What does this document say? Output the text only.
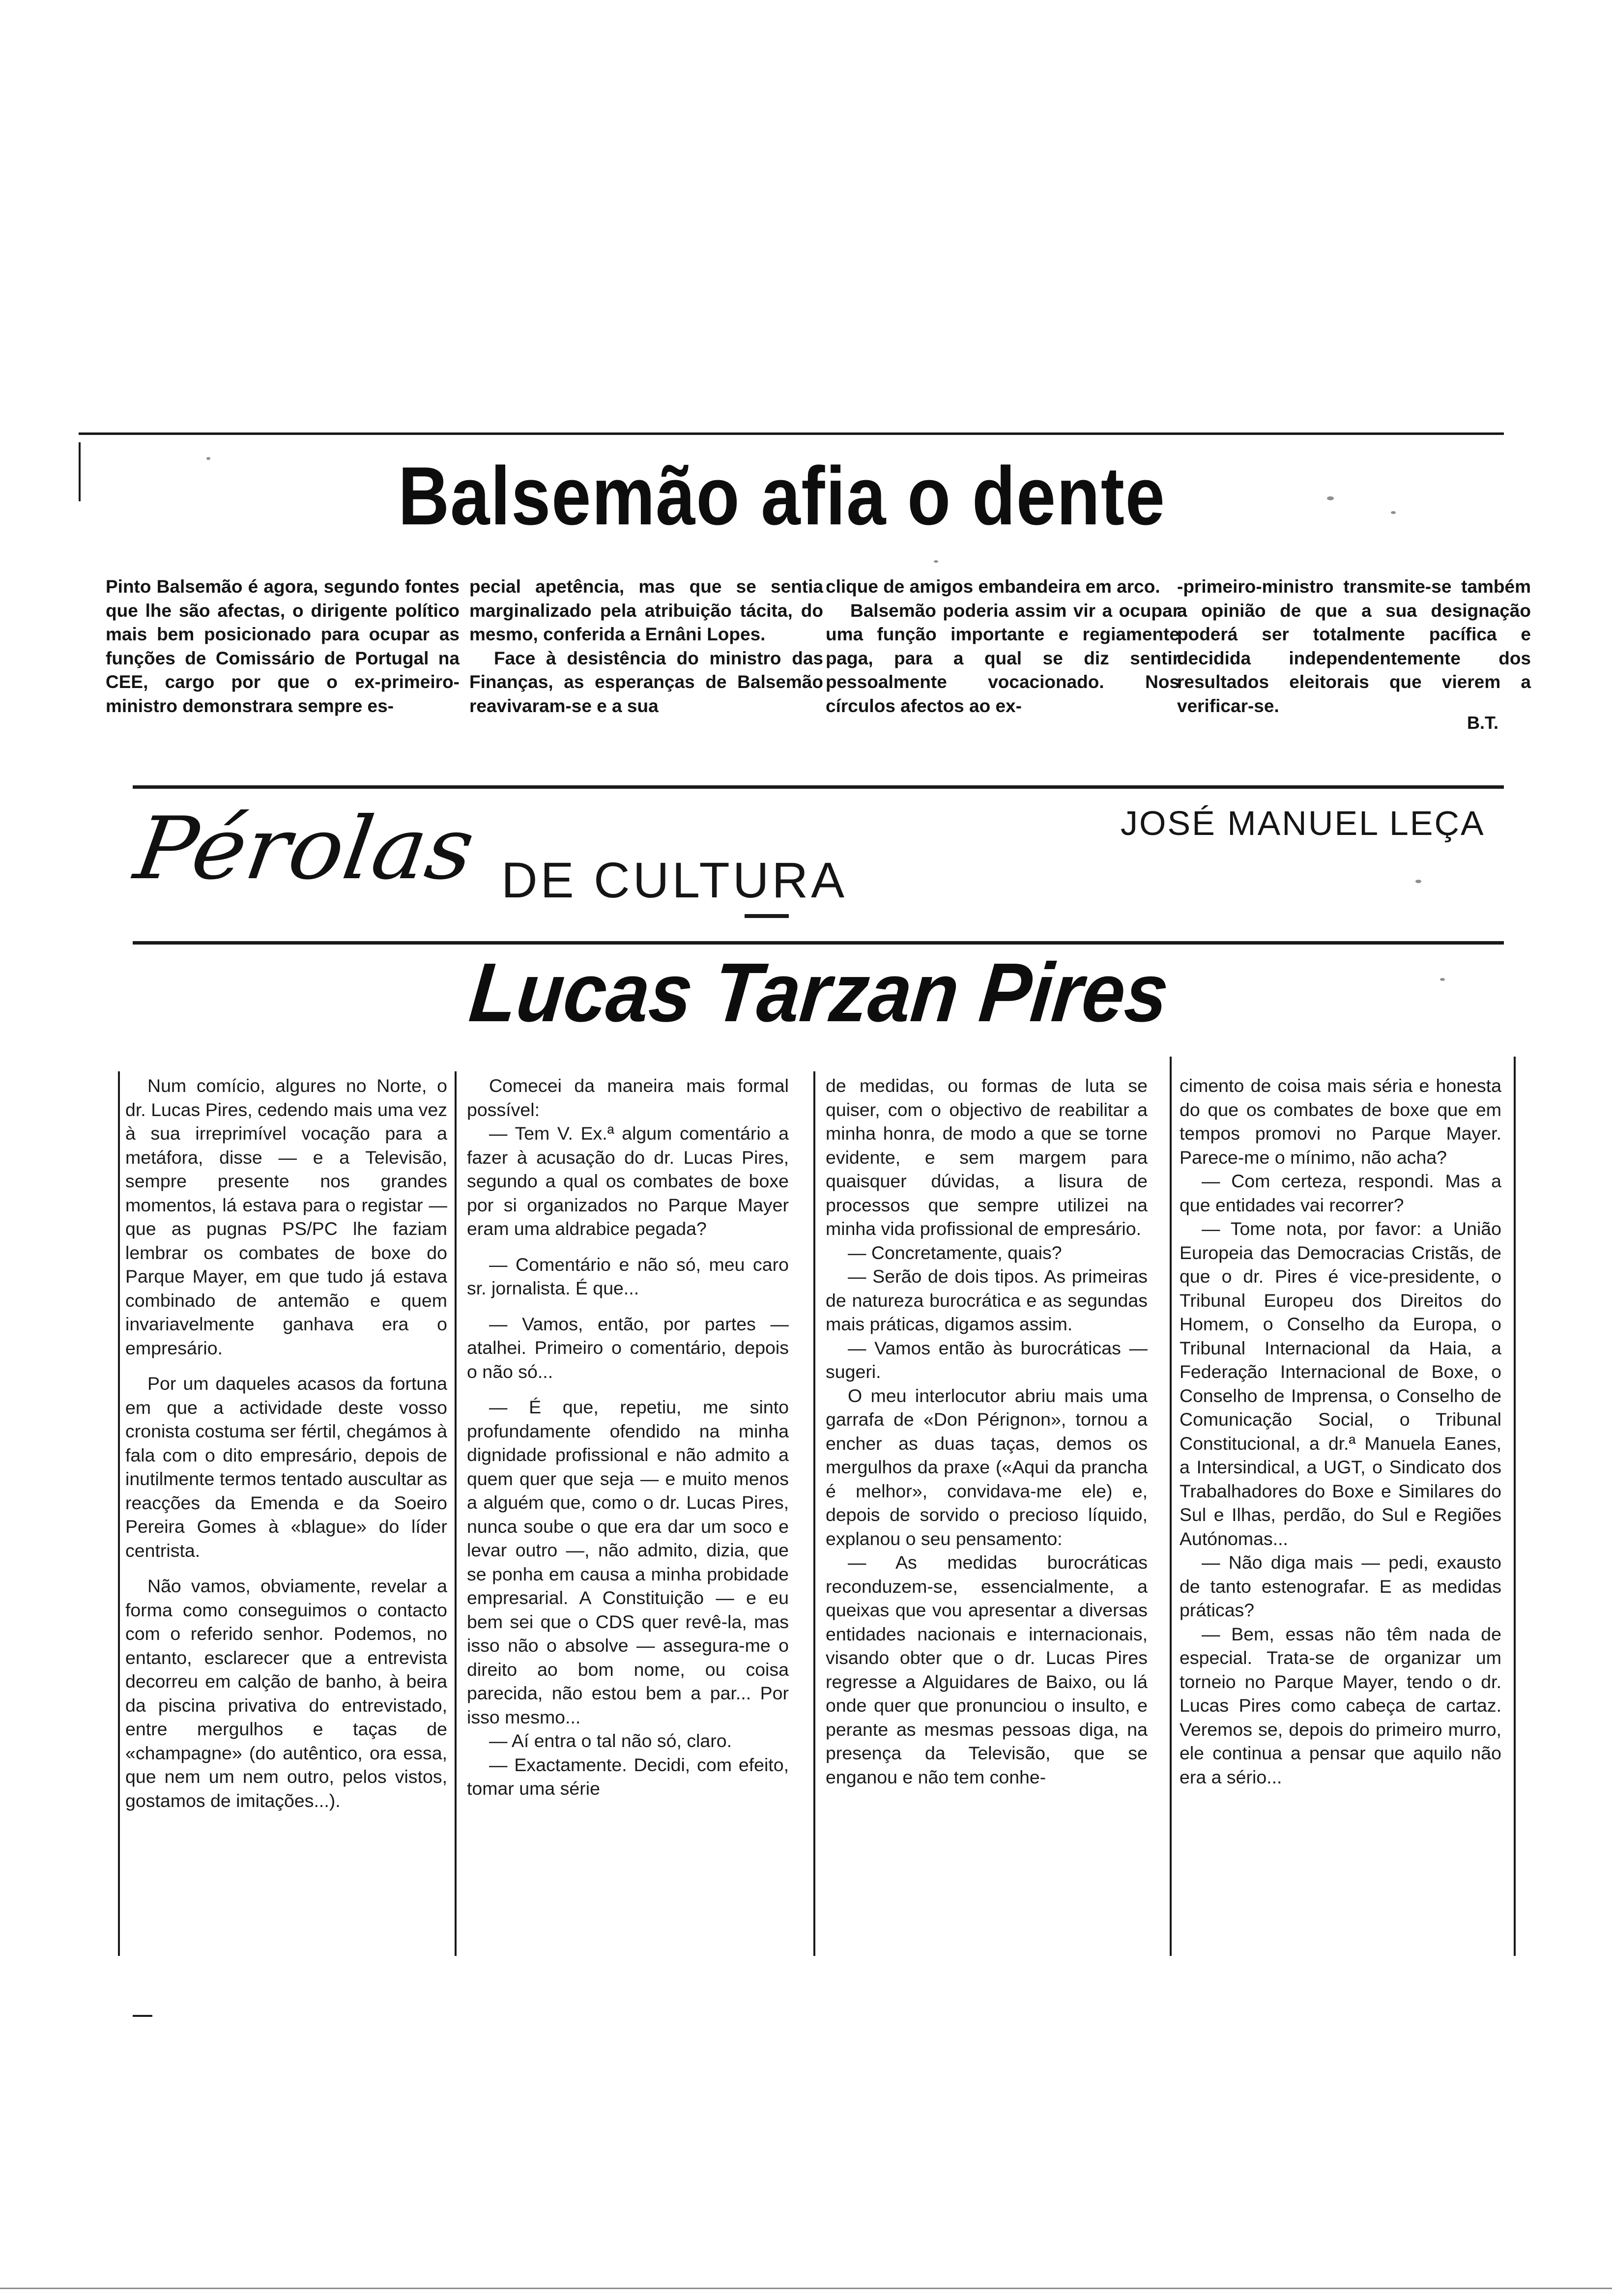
Balsemão afia o dente

Pinto Balsemão é agora, segundo fontes que lhe são afectas, o dirigente político mais bem posicionado para ocupar as funções de Comissário de Portugal na CEE, cargo por que o ex-primeiro-ministro demonstrara sempre es-

pecial apetência, mas que se sentia marginalizado pela atribuição tácita, do mesmo, conferida a Ernâni Lopes.

Face à desistência do ministro das Finanças, as esperanças de Balsemão reavivaram-se e a sua

clique de amigos embandeira em arco.

Balsemão poderia assim vir a ocupar uma função importante e regiamente paga, para a qual se diz sentir pessoalmente vocacionado. Nos círculos afectos ao ex-

-primeiro-ministro transmite-se também a opinião de que a sua designação poderá ser totalmente pacífica e decidida independentemente dos resultados eleitorais que vierem a verificar-se.

B.T.
Pérolas DE CULTURA
JOSÉ MANUEL LEÇA
Lucas Tarzan Pires

Num comício, algures no Norte, o dr. Lucas Pires, cedendo mais uma vez à sua irreprimível vocação para a metáfora, disse — e a Televisão, sempre presente nos grandes momentos, lá estava para o registar — que as pugnas PS/PC lhe faziam lembrar os combates de boxe do Parque Mayer, em que tudo já estava combinado de antemão e quem invariavelmente ganhava era o empresário.

Por um daqueles acasos da fortuna em que a actividade deste vosso cronista costuma ser fértil, chegámos à fala com o dito empresário, depois de inutilmente termos tentado auscultar as reacções da Emenda e da Soeiro Pereira Gomes à «blague» do líder centrista.

Não vamos, obviamente, revelar a forma como conseguimos o contacto com o referido senhor. Podemos, no entanto, esclarecer que a entrevista decorreu em calção de banho, à beira da piscina privativa do entrevistado, entre mergulhos e taças de «champagne» (do autêntico, ora essa, que nem um nem outro, pelos vistos, gostamos de imitações...).

Comecei da maneira mais formal possível:

— Tem V. Ex.ª algum comentário a fazer à acusação do dr. Lucas Pires, segundo a qual os combates de boxe por si organizados no Parque Mayer eram uma aldrabice pegada?

— Comentário e não só, meu caro sr. jornalista. É que...

— Vamos, então, por partes — atalhei. Primeiro o comentário, depois o não só...

— É que, repetiu, me sinto profundamente ofendido na minha dignidade profissional e não admito a quem quer que seja — e muito menos a alguém que, como o dr. Lucas Pires, nunca soube o que era dar um soco e levar outro —, não admito, dizia, que se ponha em causa a minha probidade empresarial. A Constituição — e eu bem sei que o CDS quer revê-la, mas isso não o absolve — assegura-me o direito ao bom nome, ou coisa parecida, não estou bem a par... Por isso mesmo...

— Aí entra o tal não só, claro.

— Exactamente. Decidi, com efeito, tomar uma série

de medidas, ou formas de luta se quiser, com o objectivo de reabilitar a minha honra, de modo a que se torne evidente, e sem margem para quaisquer dúvidas, a lisura de processos que sempre utilizei na minha vida profissional de empresário.

— Concretamente, quais?

— Serão de dois tipos. As primeiras de natureza burocrática e as segundas mais práticas, digamos assim.

— Vamos então às burocráticas — sugeri.

O meu interlocutor abriu mais uma garrafa de «Don Pérignon», tornou a encher as duas taças, demos os mergulhos da praxe («Aqui da prancha é melhor», convidava-me ele) e, depois de sorvido o precioso líquido, explanou o seu pensamento:

— As medidas burocráticas reconduzem-se, essencialmente, a queixas que vou apresentar a diversas entidades nacionais e internacionais, visando obter que o dr. Lucas Pires regresse a Alguidares de Baixo, ou lá onde quer que pronunciou o insulto, e perante as mesmas pessoas diga, na presença da Televisão, que se enganou e não tem conhe-

cimento de coisa mais séria e honesta do que os combates de boxe que em tempos promovi no Parque Mayer. Parece-me o mínimo, não acha?

— Com certeza, respondi. Mas a que entidades vai recorrer?

— Tome nota, por favor: a União Europeia das Democracias Cristãs, de que o dr. Pires é vice-presidente, o Tribunal Europeu dos Direitos do Homem, o Conselho da Europa, o Tribunal Internacional da Haia, a Federação Internacional de Boxe, o Conselho de Imprensa, o Conselho de Comunicação Social, o Tribunal Constitucional, a dr.ª Manuela Eanes, a Intersindical, a UGT, o Sindicato dos Trabalhadores do Boxe e Similares do Sul e Ilhas, perdão, do Sul e Regiões Autónomas...

— Não diga mais — pedi, exausto de tanto estenografar. E as medidas práticas?

— Bem, essas não têm nada de especial. Trata-se de organizar um torneio no Parque Mayer, tendo o dr. Lucas Pires como cabeça de cartaz. Veremos se, depois do primeiro murro, ele continua a pensar que aquilo não era a sério...
